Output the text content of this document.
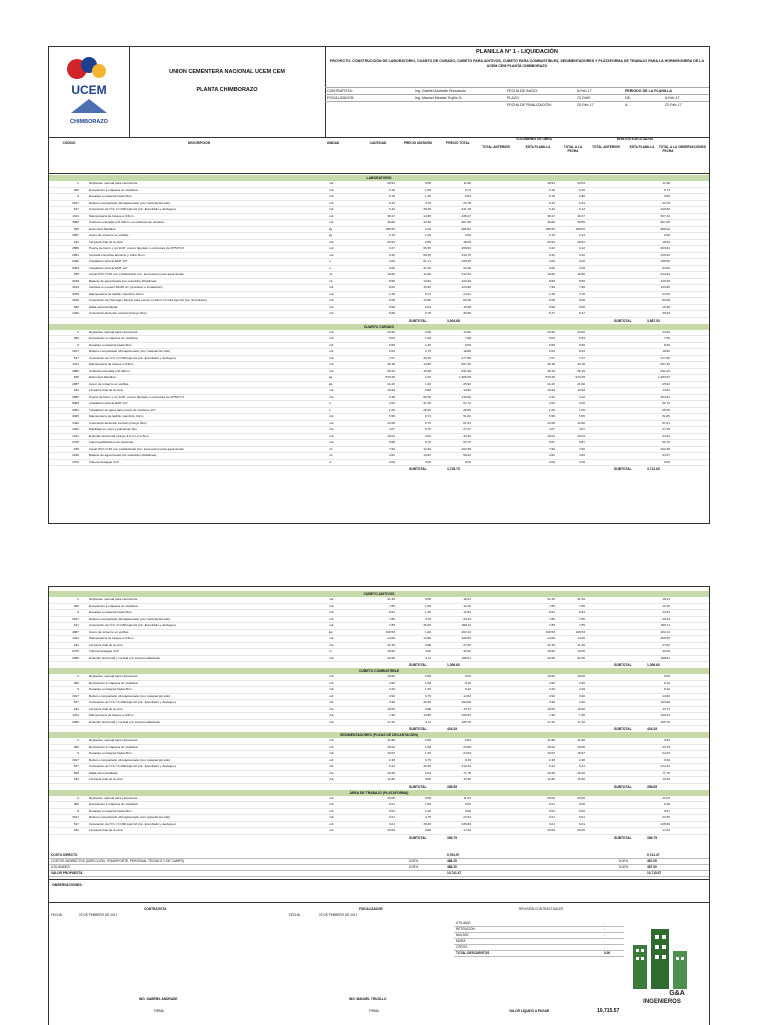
UCEM
CHIMBORAZO
UNION CEMENTERA NACIONAL UCEM CEM
PLANTA CHIMBORAZO
PLANILLA N° 1 - LIQUIDACIÓN
PROYECTO: CONSTRUCCIÓN DE LABORATORIO, CUARTO DE CURADO, CUBETO PARA ADITIVOS, CUBETO PARA COMBUSTIBLES, SEDIMENTADORES Y PLATAFORMA DE TRABAJO PARA LA HORMIGONERA DE LA UCEM CEM PLANTA CHIMBORAZO
CONTRATISTA:	Ing. Gabriel Andrade Roncancio	FECHA DE INICIO:	8-Feb-17	PERIODO DE LA PLANILLA
FISCALIZADOR:	Ing. Manuel Mestas Trujillo G.	PLAZO:	70 DIAS	DE:	8-Feb-17
FECHA DE FINALIZACIÓN:	20-Feb-17	A:	22-Feb-17
CÓDIGO	DESCRIPCIÓN	UNIDAD	CANTIDAD	PRECIO UNITARIO	PRECIO TOTAL
VOLÚMENES DE OBRA
TOTAL ANTERIOR	ESTA PLANILLA	TOTAL A LA FECHA
MONTOS EJECUTADOS
TOTAL ANTERIOR	ESTA PLANILLA	TOTAL A LA FECHA
OBSERVACIONES
LABORATORIO
2	Replanteo manual para estructuras	m2	28.53	0.58	11.98	28.53	20.53	11.98
390	Excavación a máquina sin clasificar	m3	6.16	1.58	9.73	6.16	6.16	9.73
9	Desalojo a máquina hasta 5km	m3	6.78	1.45	9.83	6.78	6.80	9.86
3017	Relleno compactado vibroapisonado (con material del sitio)	m3	6.34	3.75	23.78	6.34	6.34	23.78
517	Colocación de H.S. f'c=300 kg/cm2 (inc. Encofrado y desfogue)	m3	6.16	39.25	241.78	6.16	6.13	240.60
1011	Mampostería de bloque e=15cm	m2	30.27	14.85	436.27	30.27	30.27	367.43
3080	Cubierta enlozada e=0.40mm con aislamiento acústico	m2	36.66	19.38	667.05	36.66	30.65	667.05
525	Estructura Metálica	kg	188.50	2.25	986.62	188.50	188.50	986.62
2987	Acero de refuerzo en varillas	kg	2.13	1.20	2.56	2.13	2.13	2.56
152	Limpieza final de la obra	m2	20.52	0.88	18.06	20.52	20.52	18.06
2580	Puerta de hierro y tol 1/20", marco figurado o estructura de 25*50*1.5	m2	3.27	95.35	308.52	3.22	3.22	303.81
2581	Ventana corrediza aluminio y vidrio 6mm	m2	5.32	58.35	310.75	5.32	5.32	310.53
6482	Instalación tubería EMT 1/2"	u	3.00	51.71	158.35	3.00	3.00	158.55
6483	Instalación tubería EMT 1/2"	u	3.00	31.36	94.08	3.00	3.00	94.08
185	Canal PVC h=15 mm prefabricado (inc. accesorios) para agua lluvias	ml	16.80	12.96	212.54	16.80	16.80	212.54
3218	Bajante de agua lluvias pvc suavitubo (libelilinea)	ml	8.55	13.82	120.29	8.55	8.55	119.29
3219	Ventana en mesón 50x50 cm (provisión e instalación)	m2	8.00	15.60	124.80	7.99	7.99	123.85
3325	Mampostería de ladrillo mambrón 10cm	m2	2.78	8.71	24.21	2.78	2.78	24.20
3230	Colocación de Hormigón Simple para mesón e=10cm f'c=210 kg/cm2 (inc. Encofrado)	m3	6.08	13.50	82.08	6.08	6.08	82.08
500	Malla electrosoldada	m2	6.08	2.54	15.38	6.08	6.08	15.38
1320	Colocación Enlucido vertical (incluye filos)	m2	5.68	6.75	36.99	5.47	5.47	36.93
SUBTOTAL	3,904.68	SUBTOTAL	3,887.53
CUARTO CURADO
2	Replanteo manual para estructuras	m2	23.56	0.58	13.66	23.56	23.66	13.66
390	Excavación a máquina sin clasificar	m3	5.03	1.58	7.98	5.03	5.03	7.96
9	Desalojo a máquina hasta 5km	m3	5.56	1.45	8.06	5.56	5.56	8.06
3017	Relleno compactado vibroapisonado (con material del sitio)	m3	5.03	3.75	18.86	5.03	5.03	18.86
517	Colocación de H.S. f'c=300 kg/cm2 (inc. Encofrado y desfogue)	m3	7.07	39.25	277.50	7.07	7.07	277.50
1011	Mampostería de bloque e=15cm	m2	36.18	14.85	667.30	36.18	36.18	667.30
3080	Cubierta enlozada e=0.40mm	m2	35.24	15.38	541.99	35.19	35.19	541.22
525	Estructura Metálica	kg	570.25	2.25	1,283.06	570.25	570.25	1,283.07
2987	Acero de refuerzo en varillas	kg	21.60	1.20	25.92	21.60	21.60	25.92
152	Limpieza final de la obra	m2	16.93	0.88	14.83	16.93	16.93	14.81
2580	Puerta de hierro y tol 1/20", marco figurado o estructura de 25*50*1.5	m2	3.38	95.35	318.90	3.22	3.22	303.81
6483	Instalación tubería EMT 1/2"	u	2.00	31.36	62.72	2.00	2.00	62.72
3391	Instalación de agua para cuarto de vivideros 1/2"	u	1.00	25.00	25.00	1.00	1.00	25.00
3325	Mampostería de ladrillo mambrón 10cm	m2	5.95	8.71	51.82	5.95	5.95	51.80
1320	Colocación Enlucido vertical (incluye filos)	m2	12.08	6.75	81.54	12.08	12.08	81.51
1322	Masillado en yeso y pulimiento fino	m2	4.07	6.75	27.47	4.07	4.07	27.46
1321	Enlucido horizontal incluye 3.5 cm e=1.5cm	m2	16.04	3.00	33.32	16.04	16.04	33.32
2378	Impermeabilización de cisternas	m2	9.88	6.15	60.76	9.87	9.87	60.70
185	Canal PVC h=15 mm prefabricado (inc. accesorios) para agua lluvias	ml	7.90	12.96	102.38	7.90	7.90	102.38
3218	Bajante de agua lluvias pvc suavitubo (libelilinea)	ml	4.62	13.82	56.62	4.60	4.60	63.57
2379	Tubería desagüe d=4"	m	3.00	3.00	9.00	3.00	3.00	9.00
SUBTOTAL	3,728.75	SUBTOTAL	3,712.63
CUBETO ADITIVOS
2	Replanteo manual para estructuras	m2	31.39	0.58	18.21	31.39	31.39	18.21
390	Excavación a máquina sin clasificar	m3	7.85	1.58	12.40	7.85	7.85	12.40
9	Desalojo a máquina hasta 5km	m3	8.64	1.45	12.53	8.64	8.64	12.53
3017	Relleno compactado vibroapisonado (con material del sitio)	m3	7.85	3.75	29.44	7.85	7.85	29.44
517	Colocación de H.S. f'c=300 kg/cm2 (inc. Encofrado y desfogue)	m3	7.85	39.25	308.11	7.85	7.85	308.11
2987	Acero de refuerzo en varillas	kg	168.53	1.20	202.24	168.53	168.53	202.24
1011	Mampostería de bloque e=15cm	m2	14.06	14.85	208.95	14.06	14.06	208.95
152	Limpieza final de la obra	m2	31.39	0.88	27.62	31.39	31.39	27.62
2379	Tubería desagüe d=4"	m	10.50	4.00	42.00	10.50	10.50	42.00
2380	Enlucido horizontal y vertical con impermeabilizante	m2	32.50	6.11	198.61	32.50	32.50	198.61
SUBTOTAL	1,059.63	SUBTOTAL	1,059.63
CUBETO COMBUSTIBLE
2	Replanteo manual para estructuras	m2	15.60	0.58	9.05	15.60	15.60	9.05
390	Excavación a máquina sin clasificar	m3	3.90	1.58	6.16	3.90	3.90	6.16
9	Desalojo a máquina hasta 5km	m3	4.29	1.45	6.22	4.29	4.29	6.22
3017	Relleno compactado vibroapisonado (con material del sitio)	m3	3.90	3.75	14.63	3.90	3.90	14.63
517	Colocación de H.S. f'c=300 kg/cm2 (inc. Encofrado y desfogue)	m3	3.90	39.25	153.08	3.90	3.90	153.08
152	Limpieza final de la obra	m2	15.60	0.88	13.73	15.60	15.60	13.73
1011	Mampostería de bloque e=15cm	m2	7.38	14.85	109.64	7.38	7.38	109.64
2380	Enlucido horizontal y vertical con impermeabilizante	m2	17.32	6.11	105.79	17.32	17.32	105.79
SUBTOTAL	416.29	SUBTOTAL	416.29
SEDIMENTADORES (POZAS DE DECANTACIÓN)
2	Replanteo manual para estructuras	m2	11.80	0.58	6.84	11.80	11.80	6.84
390	Excavación a máquina sin clasificar	m3	15.06	1.58	23.80	15.06	15.06	23.79
9	Desalojo a máquina hasta 5km	m3	16.57	1.45	24.03	16.57	16.57	24.03
3017	Relleno compactado vibroapisonado (con material del sitio)	m3	2.48	3.75	9.30	2.48	2.48	9.30
517	Colocación de H.S. f'c=300 kg/cm2 (inc. Encofrado y desfogue)	m3	5.41	39.25	212.34	5.41	5.41	212.34
500	Malla electrosoldada	m2	28.26	2.54	71.78	28.26	28.26	71.78
152	Limpieza final de la obra	m2	11.80	0.88	10.38	11.80	11.80	10.38
SUBTOTAL	358.59	SUBTOTAL	358.65
ÁREA DE TRABAJO (PLATAFORMA)
2	Replanteo manual para estructuras	m2	20.05	0.58	11.63	20.05	20.05	11.63
390	Excavación a máquina sin clasificar	m3	6.01	1.58	9.50	6.01	6.00	9.48
9	Desalojo a máquina hasta 5km	m3	6.61	1.45	9.58	6.61	6.60	9.57
3017	Relleno compactado vibroapisonado (con material del sitio)	m3	6.01	3.75	22.54	6.01	6.01	22.55
517	Colocación de H.S. f'c=300 kg/cm2 (inc. Encofrado y desfogue)	m3	6.01	39.25	235.89	6.01	6.01	235.89
152	Limpieza final de la obra	m2	20.05	0.88	17.64	20.05	20.05	17.64
SUBTOTAL	306.79	SUBTOTAL	306.75
COSTO DIRECTO	9,764.97	9,741.47
COSTOS INDIRECTOS (DIRECCIÓN, TRANSPORTE, PERSONAL TÉCNICO Y DE CAMPO)	5.00%	488.25	5.00%	487.09
UTILIDADES	5.00%	488.25	5.00%	487.09
VALOR PROPUESTA	10,741.47	10,715.57
OBSERVACIONES:
CONTRATISTA	FISCALIZADOR	REVISIÓN CONTRACTUALES
FECHA:	22 DE FEBRERO DE 2017	FECHA:	22 DE FEBRERO DE 2017
UTILIDAD	-
RETENCIÓN	-
MULTAS	-
MORA	-
OTROS	-
TOTAL DESCUENTOS	0.00
ING. GABRIEL ANDRADE	ING. MANUEL TRUJILLO
FIRMA	FIRMA	VALOR LÍQUIDO A PAGAR	10,715.57
G&A
INGENIEROS
